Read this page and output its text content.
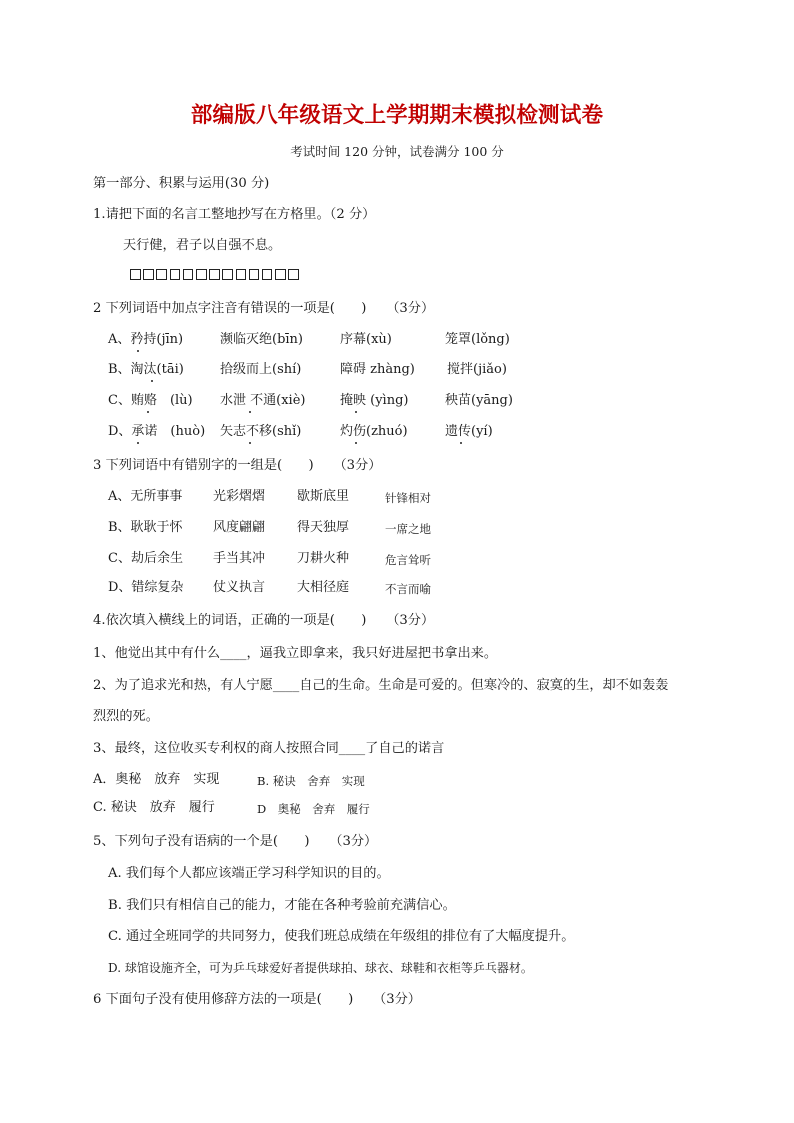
部编版八年级语文上学期期末模拟检测试卷
考试时间 120 分钟，试卷满分 100 分
第一部分、积累与运用(30 分)
1.请把下面的名言工整地抄写在方格里。（2 分）
天行健，君子以自强不息。
2 下列词语中加点字注音有错误的一项是(　　)　　（3分）
A、矜持(jīn)	濒临灭绝(bīn)	序幕(xù)	笼罩(lǒng)
B、淘汰(tāi)	拾级而上(shí)	障碍 zhàng) 搅拌(jiǎo)
C、贿赂　(lù) 水泄 不通(xiè)	掩映 (yìng)	秧苗(yāng)
D、承诺　(huò) 矢志不移(shǐ)	灼伤(zhuó)	遗传(yí)
3 下列词语中有错别字的一组是(　　)　　（3分）
A、无所事事 光彩熠熠 歇斯底里	针锋相对
B、耿耿于怀 风度翩翩 得天独厚	一席之地
C、劫后余生 手当其冲 刀耕火种	危言耸听
D、错综复杂 仗义执言 大相径庭	不言而喻
4.依次填入横线上的词语，正确的一项是(　　)　　（3分）
1、他觉出其中有什么____，逼我立即拿来，我只好进屋把书拿出来。
2、为了追求光和热，有人宁愿____自己的生命。生命是可爱的。但寒冷的、寂寞的生，却不如轰轰
烈烈的死。
3、最终，这位收买专利权的商人按照合同____了自己的诺言
A．奥秘　放弃　实现	B. 秘诀　舍弃　实现
C. 秘诀　放弃　履行	D　奥秘　舍弃　履行
5、下列句子没有语病的一个是(　　)　　（3分）
A. 我们每个人都应该端正学习科学知识的目的。
B. 我们只有相信自己的能力，才能在各种考验前充满信心。
C. 通过全班同学的共同努力，使我们班总成绩在年级组的排位有了大幅度提升。
D. 球馆设施齐全，可为乒乓球爱好者提供球拍、球衣、球鞋和衣柜等乒乓器材。
6 下面句子没有使用修辞方法的一项是(　　)　　（3分）
